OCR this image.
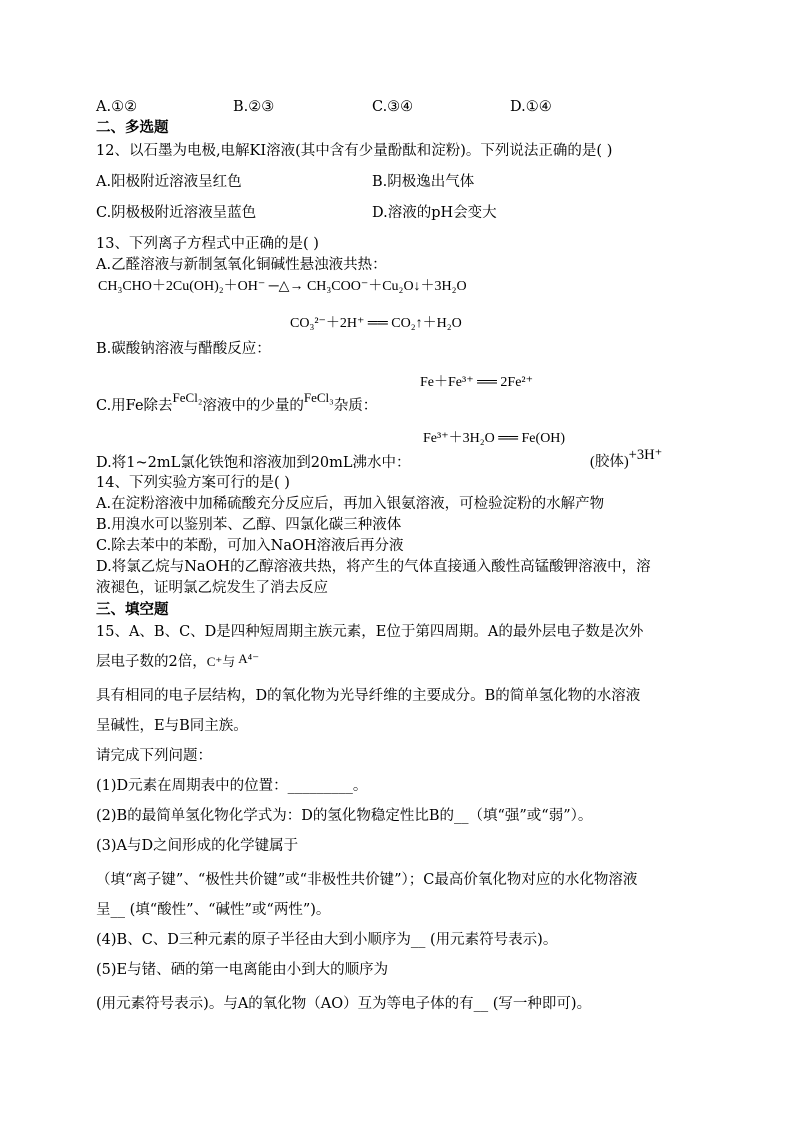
A.①②	B.②③	C.③④	D.①④
二、多选题
12、以石墨为电极,电解KI溶液(其中含有少量酚酞和淀粉)。下列说法正确的是( )
A.阳极附近溶液呈红色	B.阴极逸出气体
C.阴极极附近溶液呈蓝色	D.溶液的pH会变大
13、下列离子方程式中正确的是( )
A.乙醛溶液与新制氢氧化铜碱性悬浊液共热：
CH₃CHO＋2Cu(OH)₂＋OH⁻ ─△→ CH₃COO⁻＋Cu₂O↓＋3H₂O
CO₃²⁻＋2H⁺ ══ CO₂↑＋H₂O
B.碳酸钠溶液与醋酸反应：
Fe＋Fe³⁺ ══ 2Fe²⁺
C.用Fe除去FeCl₂溶液中的少量的FeCl₃杂质：
Fe³⁺＋3H₂O ══ Fe(OH)
D.将1~2mL氯化铁饱和溶液加到20mL沸水中：	(胶体)+3H⁺
14、下列实验方案可行的是( )
A.在淀粉溶液中加稀硫酸充分反应后，再加入银氨溶液，可检验淀粉的水解产物
B.用溴水可以鉴别苯、乙醇、四氯化碳三种液体
C.除去苯中的苯酚，可加入NaOH溶液后再分液
D.将氯乙烷与NaOH的乙醇溶液共热，将产生的气体直接通入酸性高锰酸钾溶液中，溶
液褪色，证明氯乙烷发生了消去反应
三、填空题
15、A、B、C、D是四种短周期主族元素，E位于第四周期。A的最外层电子数是次外
层电子数的2倍，C⁺与 A⁴⁻
具有相同的电子层结构，D的氧化物为光导纤维的主要成分。B的简单氢化物的水溶液
呈碱性，E与B同主族。
请完成下列问题：
(1)D元素在周期表中的位置：_________。
(2)B的最简单氢化物化学式为：D的氢化物稳定性比B的__（填“强”或“弱”）。
(3)A与D之间形成的化学键属于
（填“离子键”、“极性共价键”或“非极性共价键”）；C最高价氧化物对应的水化物溶液
呈__ (填“酸性”、“碱性”或“两性”)。
(4)B、C、D三种元素的原子半径由大到小顺序为__ (用元素符号表示)。
(5)E与锗、硒的第一电离能由小到大的顺序为
(用元素符号表示)。与A的氧化物（AO）互为等电子体的有__ (写一种即可)。
